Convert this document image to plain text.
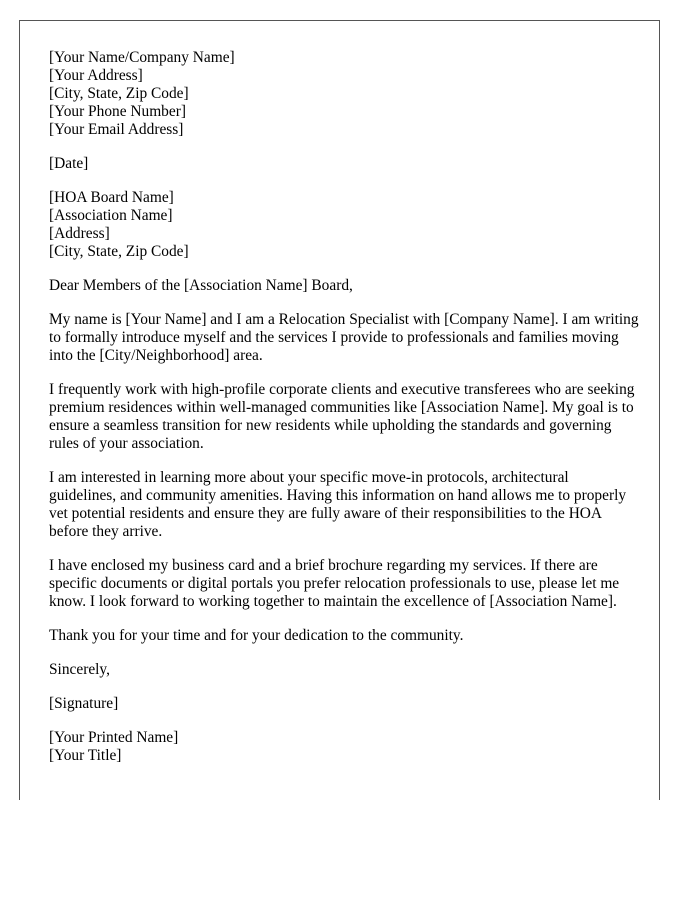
[Your Name/Company Name]
[Your Address]
[City, State, Zip Code]
[Your Phone Number]
[Your Email Address]
[Date]
[HOA Board Name]
[Association Name]
[Address]
[City, State, Zip Code]

Dear Members of the [Association Name] Board,

My name is [Your Name] and I am a Relocation Specialist with [Company Name]. I am writing to formally introduce myself and the services I provide to professionals and families moving into the [City/Neighborhood] area.

I frequently work with high-profile corporate clients and executive transferees who are seeking premium residences within well-managed communities like [Association Name]. My goal is to ensure a seamless transition for new residents while upholding the standards and governing rules of your association.

I am interested in learning more about your specific move-in protocols, architectural guidelines, and community amenities. Having this information on hand allows me to properly vet potential residents and ensure they are fully aware of their responsibilities to the HOA before they arrive.

I have enclosed my business card and a brief brochure regarding my services. If there are specific documents or digital portals you prefer relocation professionals to use, please let me know. I look forward to working together to maintain the excellence of [Association Name].

Thank you for your time and for your dedication to the community.

Sincerely,

[Signature]

[Your Printed Name]
[Your Title]
